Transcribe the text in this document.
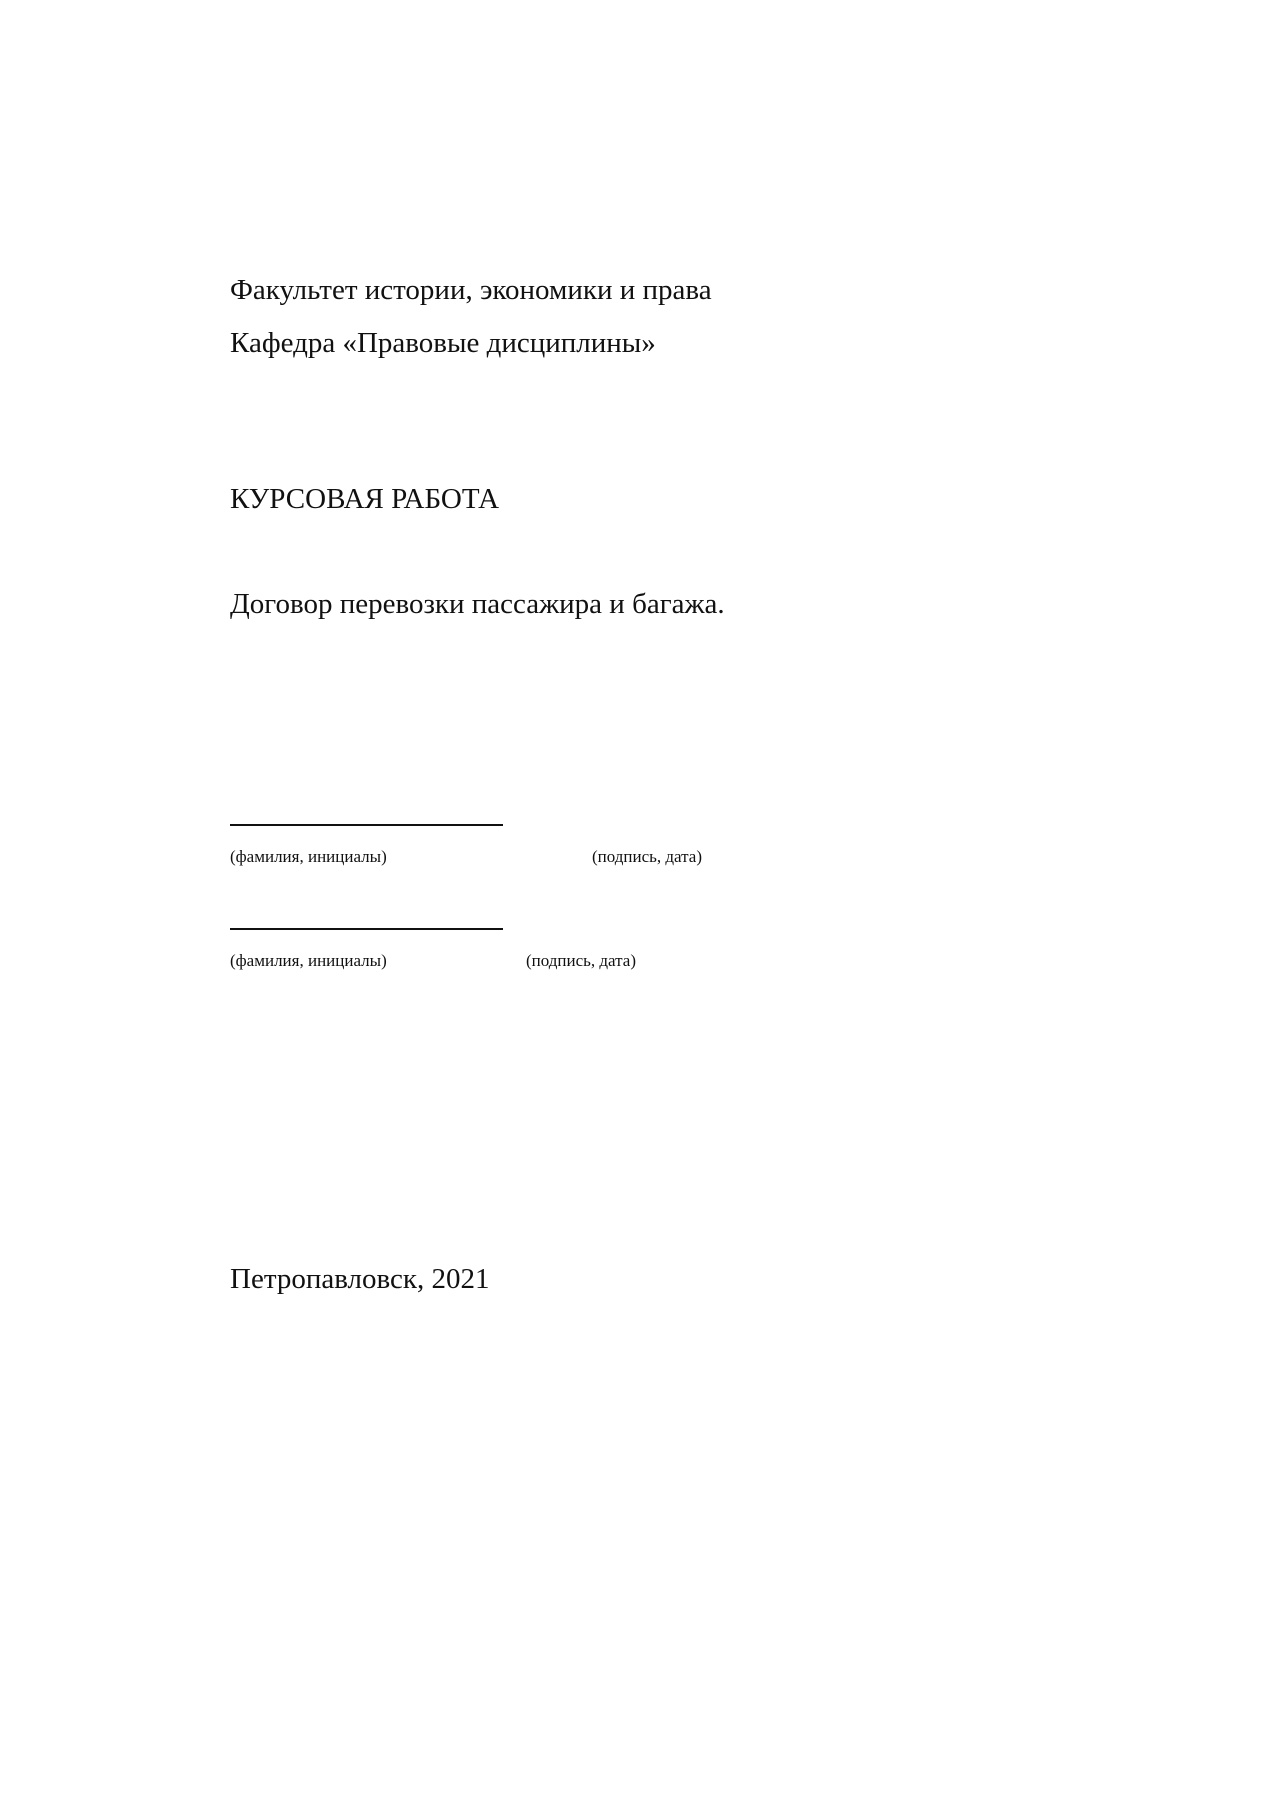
Факультет истории, экономики и права
Кафедра «Правовые дисциплины»
КУРСОВАЯ РАБОТА
Договор перевозки пассажира и багажа.
(фамилия, инициалы)	(подпись, дата)
(фамилия, инициалы)	(подпись, дата)
Петропавловск, 2021
